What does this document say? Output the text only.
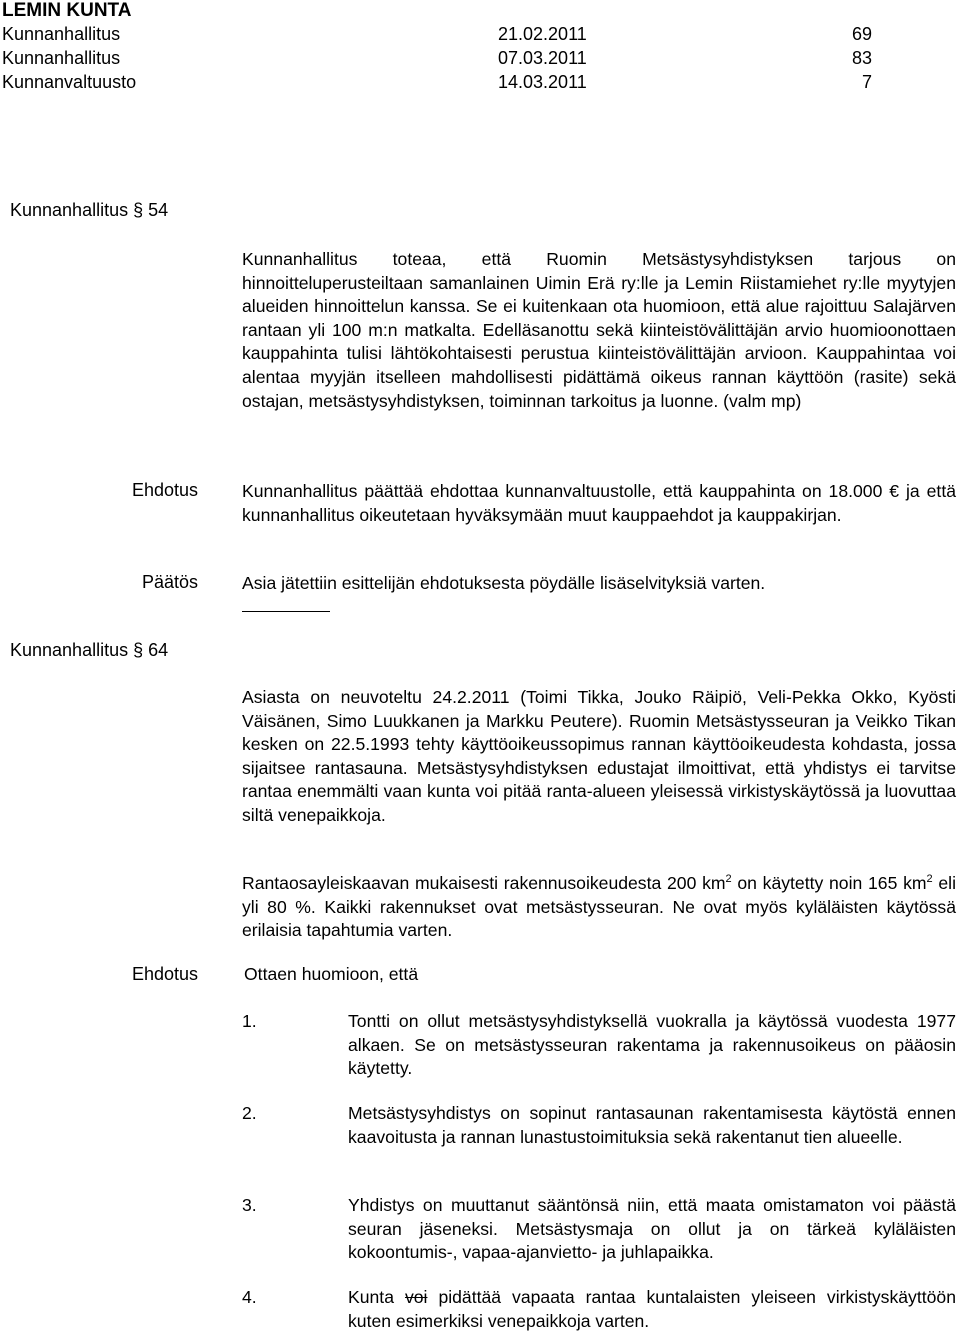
LEMIN KUNTA
Kunnanhallitus	21.02.2011	69
Kunnanhallitus	07.03.2011	83
Kunnanvaltuusto	14.03.2011	7
Kunnanhallitus § 54

Kunnanhallitus toteaa, että Ruomin Metsästysyhdistyksen tarjous on hinnoitteluperusteiltaan samanlainen Uimin Erä ry:lle ja Lemin Riistamiehet ry:lle myytyjen alueiden hinnoittelun kanssa. Se ei kuitenkaan ota huomioon, että alue rajoittuu Salajärven rantaan yli 100 m:n matkalta. Edelläsanottu sekä kiinteistövälittäjän arvio huomioonottaen kauppahinta tulisi lähtökohtaisesti perustua kiinteistövälittäjän arvioon. Kauppahintaa voi alentaa myyjän itselleen mahdollisesti pidättämä oikeus rannan käyttöön (rasite) sekä ostajan, metsästysyhdistyksen, toiminnan tarkoitus ja luonne. (valm mp)

Ehdotus	Kunnanhallitus päättää ehdottaa kunnanvaltuustolle, että kauppahinta on 18.000 € ja että kunnanhallitus oikeutetaan hyväksymään muut kauppaehdot ja kauppakirjan.

Päätös	Asia jätettiin esittelijän ehdotuksesta pöydälle lisäselvityksiä varten.

Kunnanhallitus § 64

Asiasta on neuvoteltu 24.2.2011 (Toimi Tikka, Jouko Räipiö, Veli-Pekka Okko, Kyösti Väisänen, Simo Luukkanen ja Markku Peutere). Ruomin Metsästysseuran ja Veikko Tikan kesken on 22.5.1993 tehty käyttöoikeussopimus rannan käyttöoikeudesta kohdasta, jossa sijaitsee rantasauna. Metsästysyhdistyksen edustajat ilmoittivat, että yhdistys ei tarvitse rantaa enemmälti vaan kunta voi pitää ranta-alueen yleisessä virkistyskäytössä ja luovuttaa siltä venepaikkoja.

Rantaosayleiskaavan mukaisesti rakennusoikeudesta 200 $km^2$ on käytetty noin 165 $km^2$ eli yli 80 %. Kaikki rakennukset ovat metsästysseuran. Ne ovat myös kyläläisten käytössä erilaisia tapahtumia varten.

Ehdotus	Ottaen huomioon, että
1.	Tontti on ollut metsästysyhdistyksellä vuokralla ja käytössä vuodesta 1977 alkaen. Se on metsästysseuran rakentama ja rakennusoikeus on pääosin käytetty.
2.	Metsästysyhdistys on sopinut rantasaunan rakentamisesta käytöstä ennen kaavoitusta ja rannan lunastustoimituksia sekä rakentanut tien alueelle.
3.	Yhdistys on muuttanut sääntönsä niin, että maata omistamaton voi päästä seuran jäseneksi. Metsästysmaja on ollut ja on tärkeä kyläläisten kokoontumis-, vapaa-ajanvietto- ja juhlapaikka.
4.	Kunta voi pidättää vapaata rantaa kuntalaisten yleiseen virkistyskäyttöön kuten esimerkiksi venepaikkoja varten.
